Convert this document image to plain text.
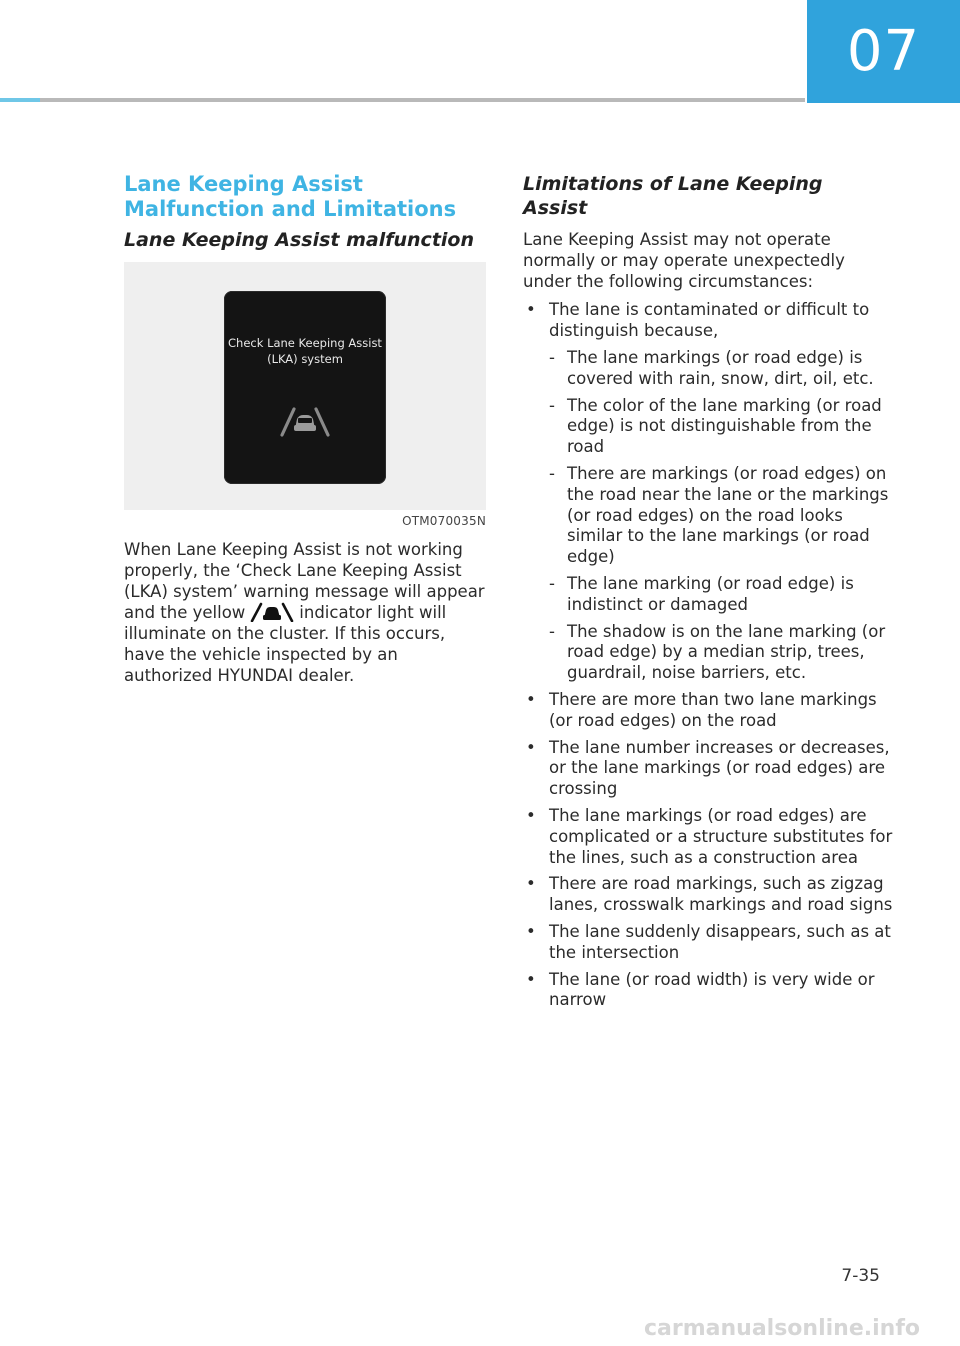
07
Lane Keeping Assist Malfunction and Limitations
Lane Keeping Assist malfunction
Check Lane Keeping Assist (LKA) system
OTM070035N

When Lane Keeping Assist is not working properly, the ‘Check Lane Keeping Assist (LKA) system’ warning message will appear and the yellow	indicator light will illuminate on the cluster. If this occurs, have the vehicle inspected by an authorized HYUNDAI dealer.

Limitations of Lane Keeping Assist

Lane Keeping Assist may not operate normally or may operate unexpectedly under the following circumstances:

• The lane is contaminated or difficult to distinguish because,
- The lane markings (or road edge) is covered with rain, snow, dirt, oil, etc.
- The color of the lane marking (or road edge) is not distinguishable from the road
- There are markings (or road edges) on the road near the lane or the markings (or road edges) on the road looks similar to the lane markings (or road edge)
- The lane marking (or road edge) is indistinct or damaged
- The shadow is on the lane marking (or road edge) by a median strip, trees, guardrail, noise barriers, etc.
• There are more than two lane markings (or road edges) on the road
• The lane number increases or decreases, or the lane markings (or road edges) are crossing
• The lane markings (or road edges) are complicated or a structure substitutes for the lines, such as a construction area
• There are road markings, such as zigzag lanes, crosswalk markings and road signs
• The lane suddenly disappears, such as at the intersection
• The lane (or road width) is very wide or narrow
7-35
carmanualsonline.info
